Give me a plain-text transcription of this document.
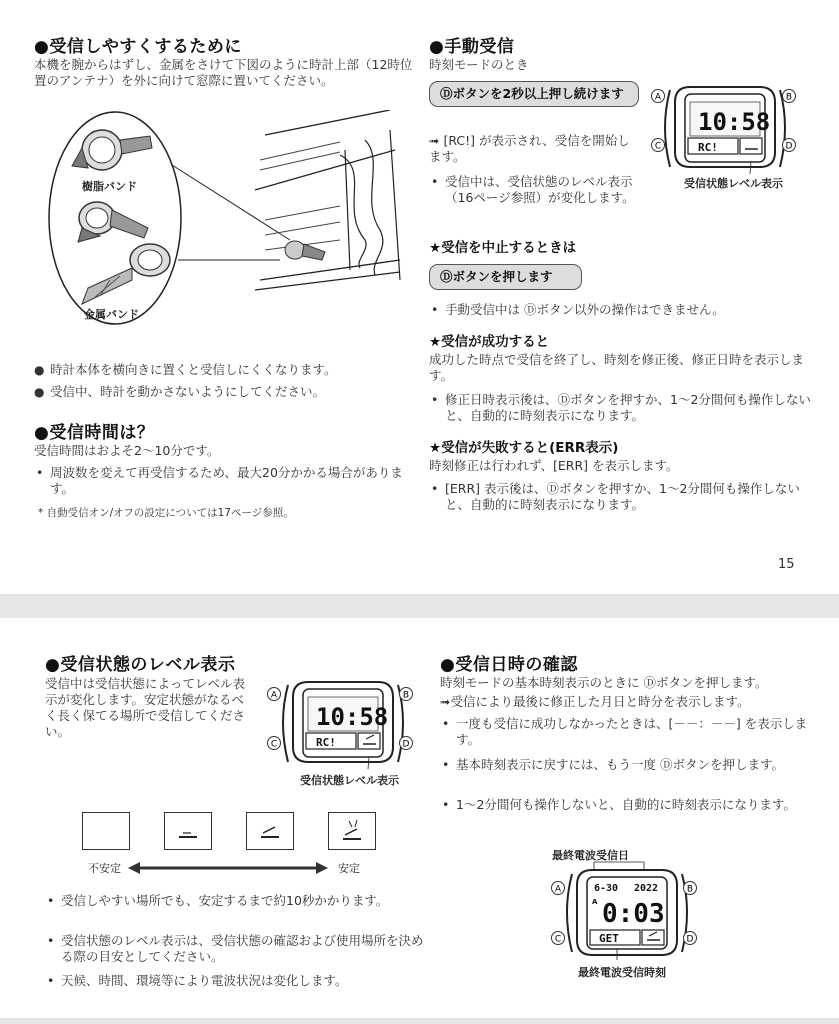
●受信しやすくするために
本機を腕からはずし、金属をさけて下図のように時計上部（12時位置のアンテナ）を外に向けて窓際に置いてください。
樹脂バンド
金属バンド
● 時計本体を横向きに置くと受信しにくくなります。
● 受信中、時計を動かさないようにしてください。
●受信時間は？
受信時間はおよそ2～10分です。
• 周波数を変えて再受信するため、最大20分かかる場合があります。
* 自動受信オン/オフの設定については17ページ参照。
●手動受信
時刻モードのとき
Ⓓボタンを2秒以上押し続けます
➟ [RC!] が表示され、受信を開始します。
• 受信中は、受信状態のレベル表示（16ページ参照）が変化します。
10:58
RC!
A	B
C	D
受信状態レベル表示
★受信を中止するときは
Ⓓボタンを押します
• 手動受信中は Ⓓボタン以外の操作はできません。
★受信が成功すると
成功した時点で受信を終了し、時刻を修正後、修正日時を表示します。
• 修正日時表示後は、Ⓓボタンを押すか、1～2分間何も操作しないと、自動的に時刻表示になります。
★受信が失敗すると(ERR表示)
時刻修正は行われず、[ERR] を表示します。
• [ERR] 表示後は、Ⓓボタンを押すか、1～2分間何も操作しないと、自動的に時刻表示になります。
15
●受信状態のレベル表示
受信中は受信状態によってレベル表示が変化します。安定状態がなるべく長く保てる場所で受信してください。
10:58
RC!
A	B
C	D
受信状態レベル表示
不安定	安定
• 受信しやすい場所でも、安定するまで約10秒かかります。
• 受信状態のレベル表示は、受信状態の確認および使用場所を決める際の目安としてください。
• 天候、時間、環境等により電波状況は変化します。
●受信日時の確認
時刻モードの基本時刻表示のときに Ⓓボタンを押します。
➟受信により最後に修正した月日と時分を表示します。
• 一度も受信に成功しなかったときは、[－－：－－] を表示します。
• 基本時刻表示に戻すには、もう一度 Ⓓボタンを押します。
• 1～2分間何も操作しないと、自動的に時刻表示になります。
最終電波受信日
6-30 2022
A 0:03
GET
A	B
C	D
最終電波受信時刻
